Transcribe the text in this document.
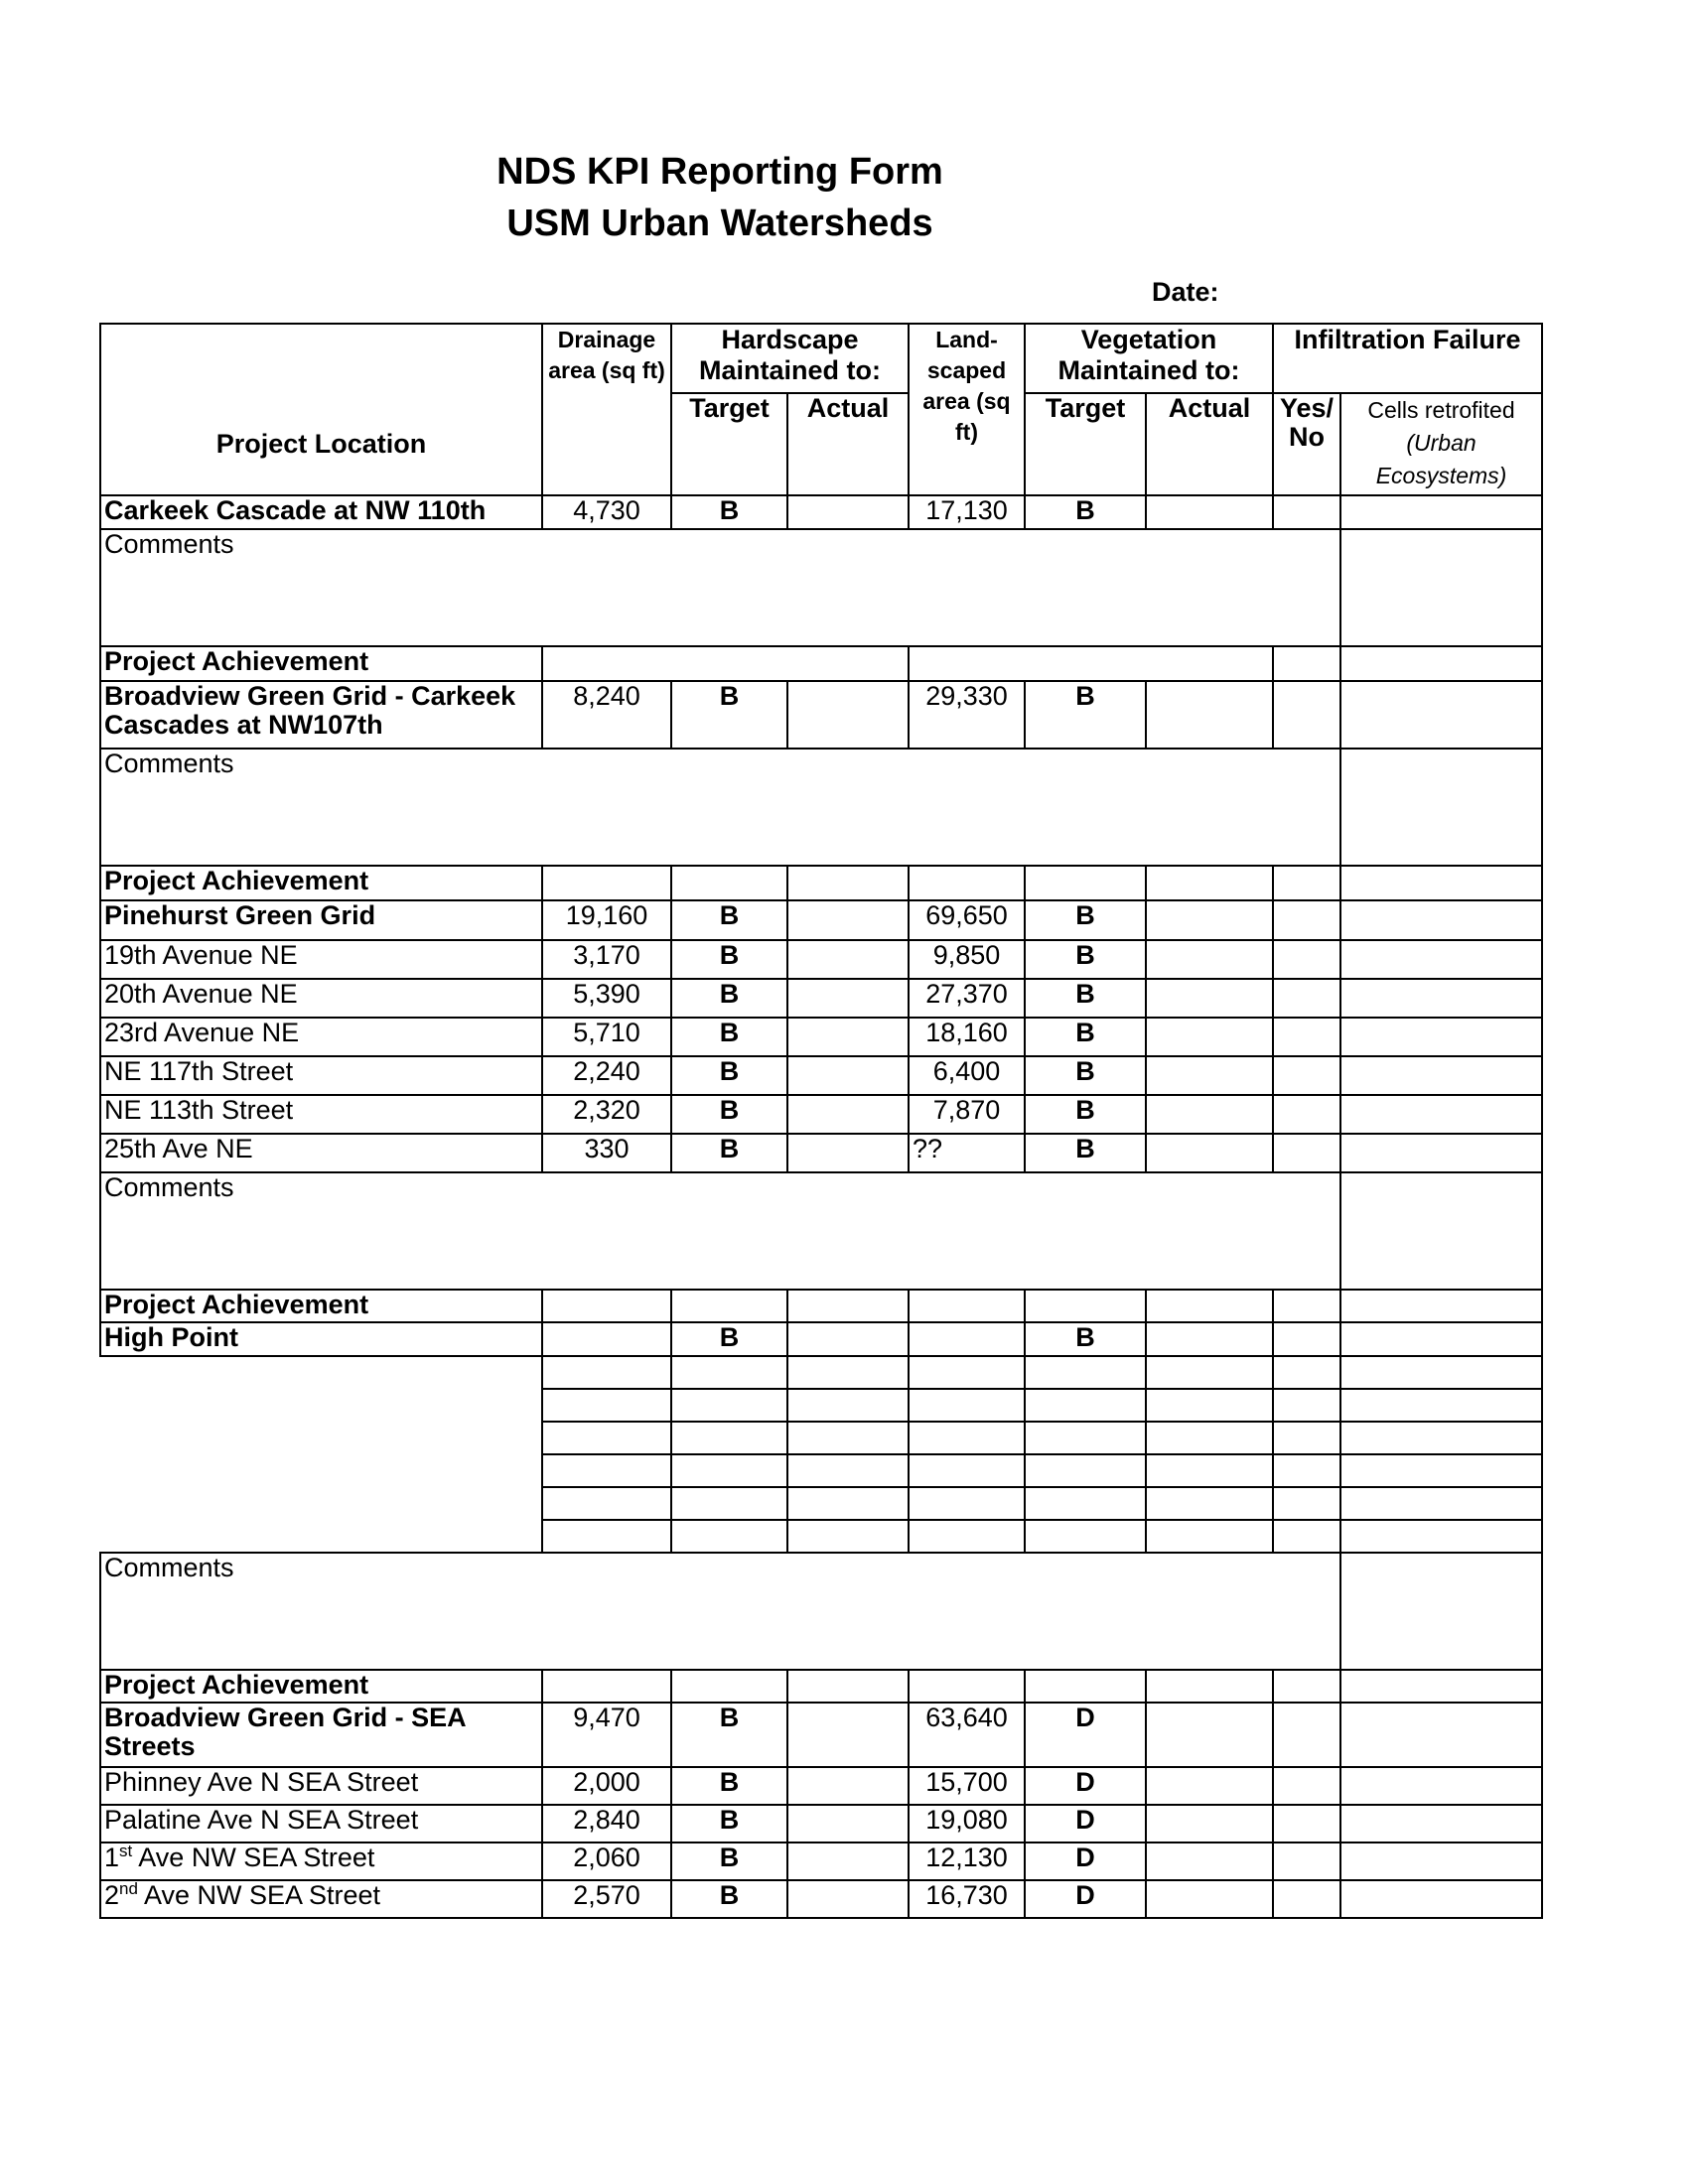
NDS KPI Reporting Form
USM Urban Watersheds
Date:
	Drainage area (sq ft)	Hardscape Maintained to:		Land-scaped area (sq ft)	Vegetation Maintained to:		Infiltration Failure	
Project Location		Target	Actual		Target	Actual	Yes/ No	Cells retrofited
(Urban Ecosystems)
Carkeek Cascade at NW 110th	4,730	B		17,130	B			
Comments								
Project Achievement								
Broadview Green Grid - Carkeek Cascades at NW107th	8,240	B		29,330	B			
Comments								
Project Achievement								
Pinehurst Green Grid	19,160	B		69,650	B			
19th Avenue NE	3,170	B		9,850	B			
20th Avenue NE	5,390	B		27,370	B			
23rd Avenue NE	5,710	B		18,160	B			
NE 117th Street	2,240	B		6,400	B			
NE 113th Street	2,320	B		7,870	B			
25th Ave NE	330	B		??	B			
Comments								
Project Achievement								
High Point		B			B			

Comments								
Project Achievement								
Broadview Green Grid - SEA Streets	9,470	B		63,640	D			
Phinney Ave N SEA Street	2,000	B		15,700	D			
Palatine Ave N SEA Street	2,840	B		19,080	D			
1st Ave NW SEA Street	2,060	B		12,130	D			
2nd Ave NW SEA Street	2,570	B		16,730	D			
